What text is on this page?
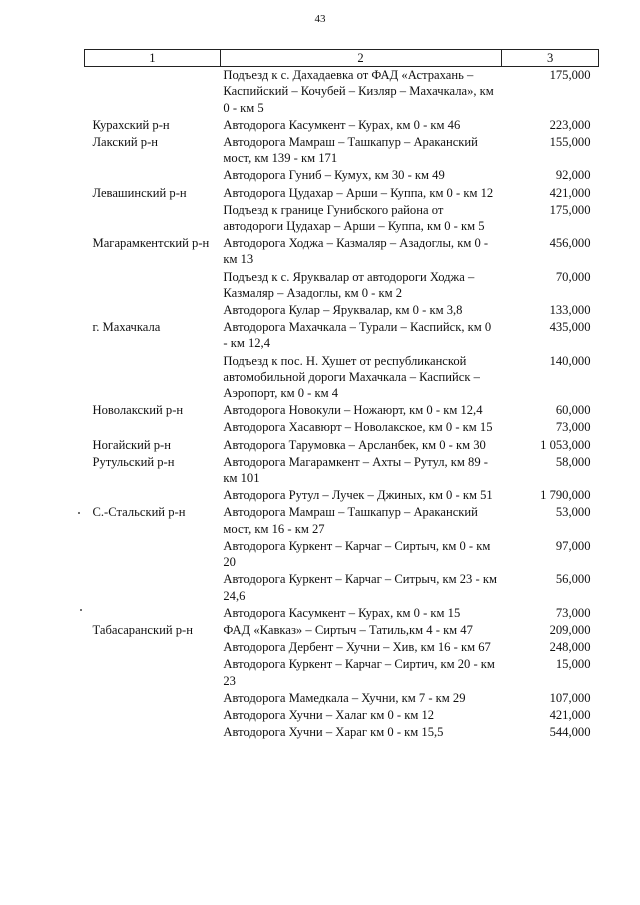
43
1	2	3
	Подъезд к с. Дахадаевка от ФАД «Астрахань – Каспийский – Кочубей – Кизляр – Махачкала», км 0 - км 5	175,000
Курахский р-н	Автодорога Касумкент – Курах, км 0 - км 46	223,000
Лакский р-н	Автодорога Мамраш – Ташкапур – Араканский мост, км 139 - км 171	155,000
	Автодорога Гуниб – Кумух, км 30 - км 49	92,000
Левашинский р-н	Автодорога Цудахар – Арши – Куппа, км 0 - км 12	421,000
	Подъезд к границе Гунибского района от автодороги Цудахар – Арши – Куппа, км 0 - км 5	175,000
Магарамкентский р-н	Автодорога Ходжа – Казмаляр – Азадоглы, км 0 - км 13	456,000
	Подъезд к с. Яруквалар от автодороги Ходжа – Казмаляр – Азадоглы, км 0 - км 2	70,000
	Автодорога Кулар – Яруквалар, км 0 - км 3,8	133,000
г. Махачкала	Автодорога Махачкала – Турали – Каспийск, км 0 - км 12,4	435,000
	Подъезд к пос. Н. Хушет от республиканской автомобильной дороги Махачкала – Каспийск – Аэропорт, км 0 - км 4	140,000
Новолакский р-н	Автодорога Новокули – Ножаюрт, км 0 - км 12,4	60,000
	Автодорога Хасавюрт – Новолакское, км 0 - км 15	73,000
Ногайский р-н	Автодорога Тарумовка – Арсланбек, км 0 - км 30	1 053,000
Рутульский р-н	Автодорога Магарамкент – Ахты – Рутул, км 89 - км 101	58,000
	Автодорога Рутул – Лучек – Джиных, км 0 - км 51	1 790,000
С.-Стальский р-н	Автодорога Мамраш – Ташкапур – Араканский мост, км 16 - км 27	53,000
	Автодорога Куркент – Карчаг – Сиртыч, км 0 - км 20	97,000
	Автодорога Куркент – Карчаг – Ситрыч, км 23 - км 24,6	56,000
	Автодорога Касумкент – Курах, км 0 - км 15	73,000
Табасаранский р-н	ФАД «Кавказ» – Сиртыч – Татиль,км 4 - км 47	209,000
	Автодорога Дербент – Хучни – Хив, км 16 - км 67	248,000
	Автодорога Куркент – Карчаг – Сиртич, км 20 - км 23	15,000
	Автодорога Мамедкала – Хучни, км 7 - км 29	107,000
	Автодорога Хучни – Халаг км 0 - км 12	421,000
	Автодорога Хучни – Хараг км 0 - км 15,5	544,000
